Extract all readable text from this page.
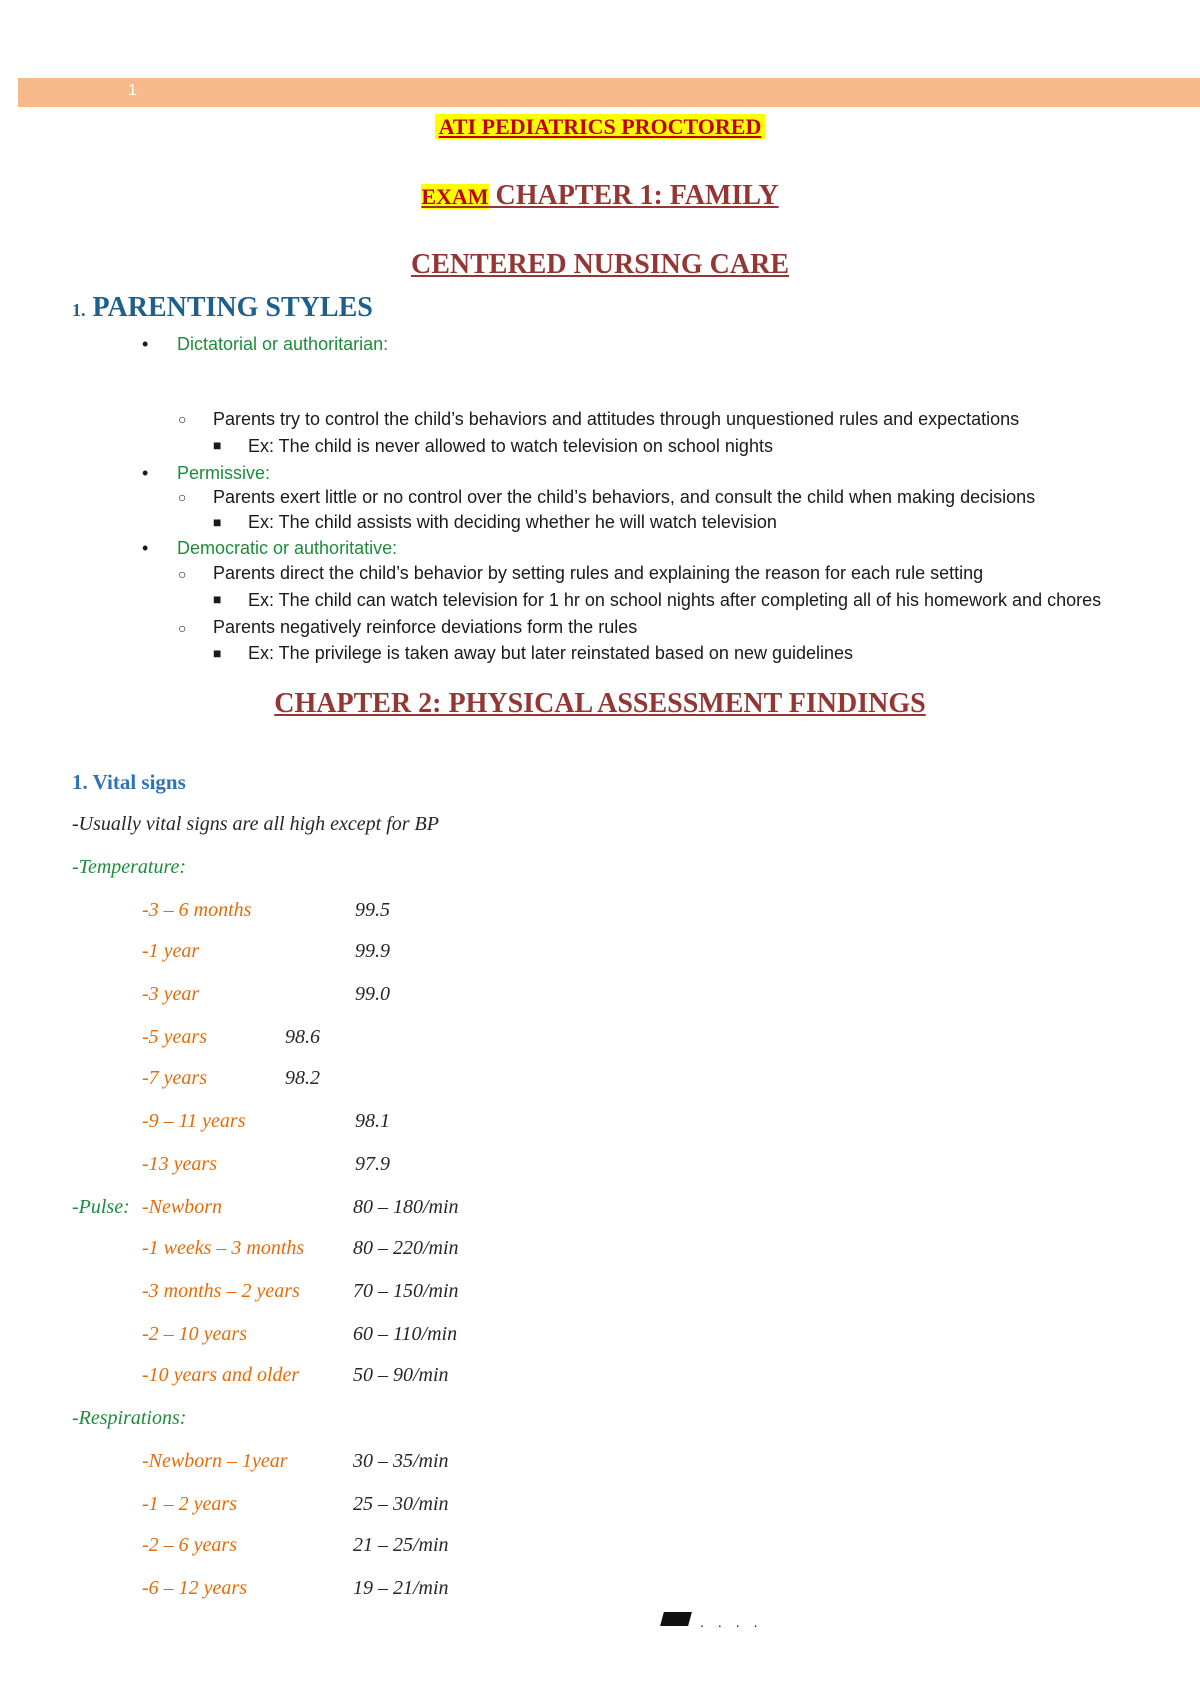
1
ATI PEDIATRICS PROCTORED
EXAM CHAPTER 1: FAMILY
CENTERED NURSING CARE
1. PARENTING STYLES
• Dictatorial or authoritarian:
○ Parents try to control the child’s behaviors and attitudes through unquestioned rules and expectations
■ Ex: The child is never allowed to watch television on school nights
• Permissive:
○ Parents exert little or no control over the child’s behaviors, and consult the child when making decisions
■ Ex: The child assists with deciding whether he will watch television
• Democratic or authoritative:
○ Parents direct the child’s behavior by setting rules and explaining the reason for each rule setting
■ Ex: The child can watch television for 1 hr on school nights after completing all of his homework and chores
○ Parents negatively reinforce deviations form the rules
■ Ex: The privilege is taken away but later reinstated based on new guidelines
CHAPTER 2: PHYSICAL ASSESSMENT FINDINGS
1. Vital signs
-Usually vital signs are all high except for BP
-Temperature:
-3 – 6 months	99.5
-1 year	99.9
-3 year	99.0
-5 years	98.6
-7 years	98.2
-9 – 11 years	98.1
-13 years	97.9
-Pulse: -Newborn	80 – 180/min
-1 weeks – 3 months 80 – 220/min
-3 months – 2 years	70 – 150/min
-2 – 10 years	60 – 110/min
-10 years and older	50 – 90/min
-Respirations:
-Newborn – 1year	30 – 35/min
-1 – 2 years	25 – 30/min
-2 – 6 years	21 – 25/min
-6 – 12 years	19 – 21/min
....
